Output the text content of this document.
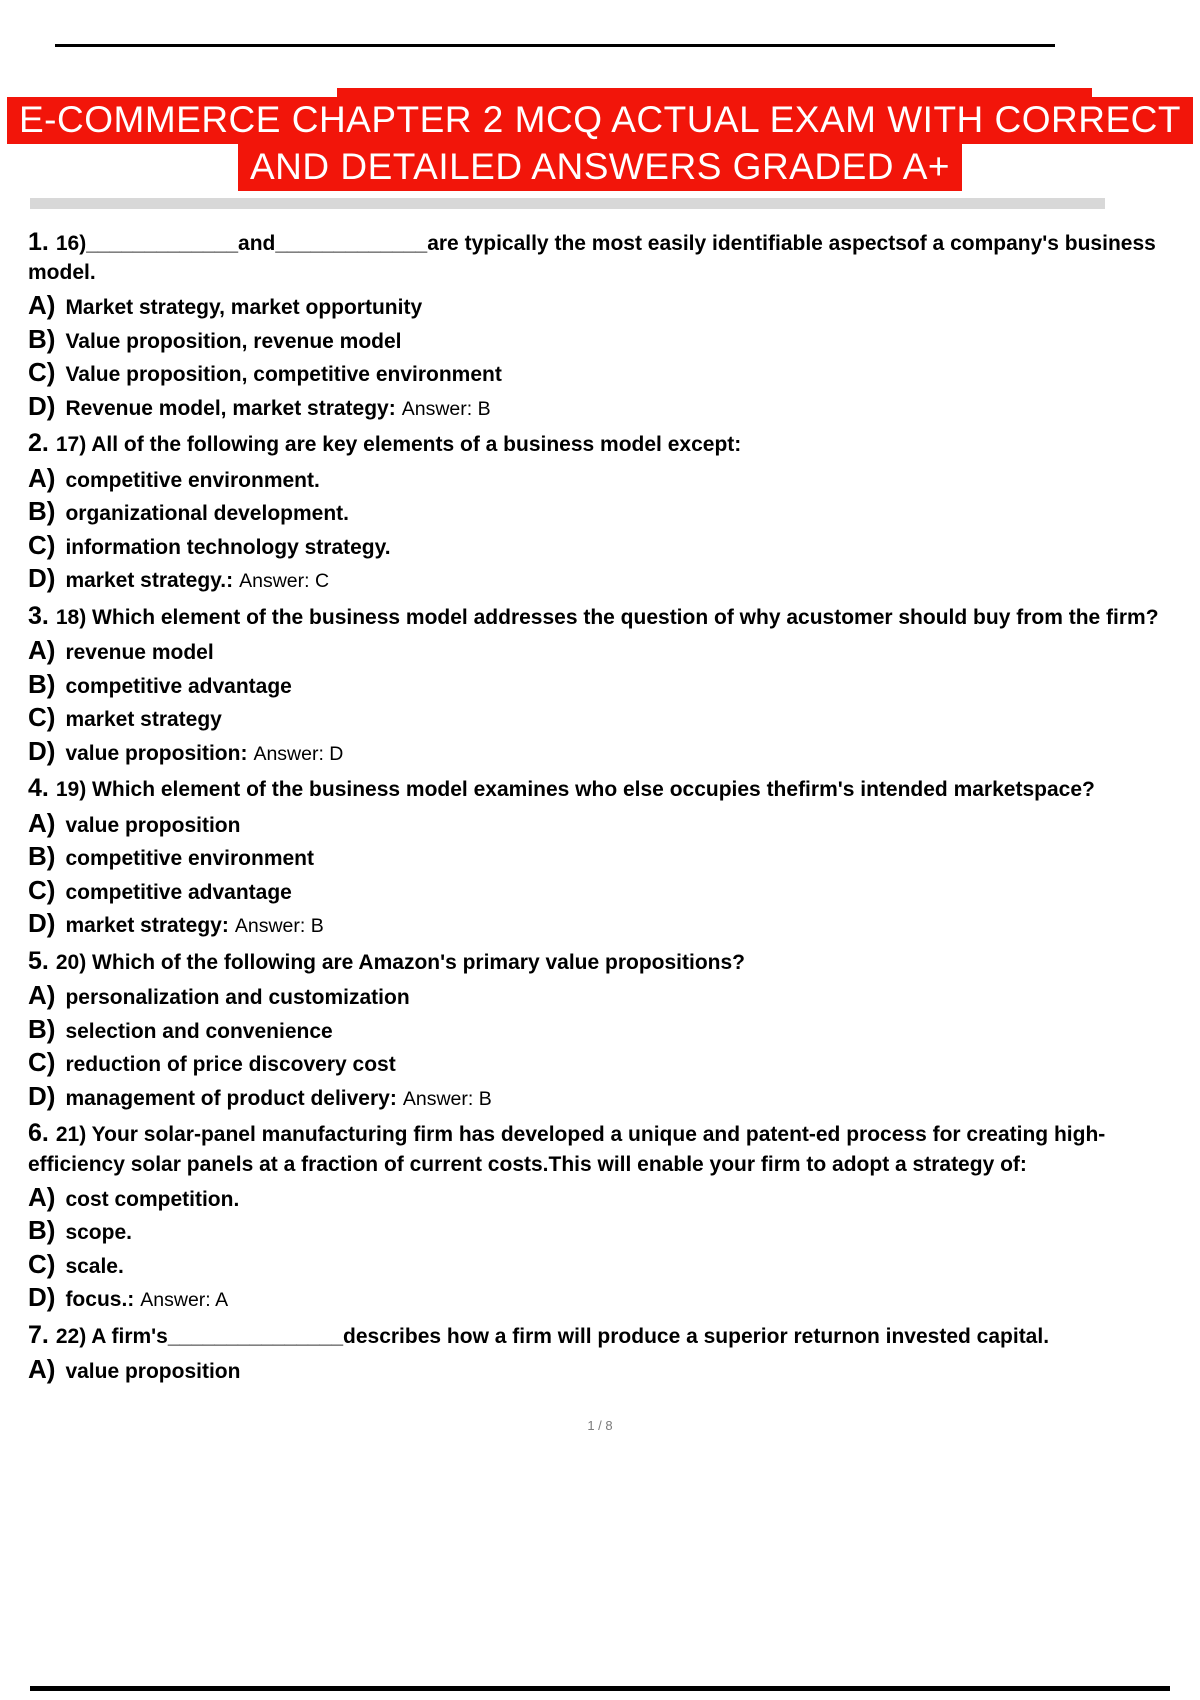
E-COMMERCE CHAPTER 2 MCQ ACTUAL EXAM WITH CORRECT
AND DETAILED ANSWERS GRADED A+

1. 16)_____________and_____________are typically the most easily identifiable aspectsof a company's business model.

A) Market strategy, market opportunity

B) Value proposition, revenue model

C) Value proposition, competitive environment

D) Revenue model, market strategy: Answer: B

2. 17) All of the following are key elements of a business model except:

A) competitive environment.

B) organizational development.

C) information technology strategy.

D) market strategy.: Answer: C

3. 18) Which element of the business model addresses the question of why acustomer should buy from the firm?

A) revenue model

B) competitive advantage

C) market strategy

D) value proposition: Answer: D

4. 19) Which element of the business model examines who else occupies thefirm's intended marketspace?

A) value proposition

B) competitive environment

C) competitive advantage

D) market strategy: Answer: B

5. 20) Which of the following are Amazon's primary value propositions?

A) personalization and customization

B) selection and convenience

C) reduction of price discovery cost

D) management of product delivery: Answer: B

6. 21) Your solar-panel manufacturing firm has developed a unique and patent-ed process for creating high-efficiency solar panels at a fraction of current costs.This will enable your firm to adopt a strategy of:

A) cost competition.

B) scope.

C) scale.

D) focus.: Answer: A

7. 22) A firm's_______________describes how a firm will produce a superior returnon invested capital.

A) value proposition

1 / 8
